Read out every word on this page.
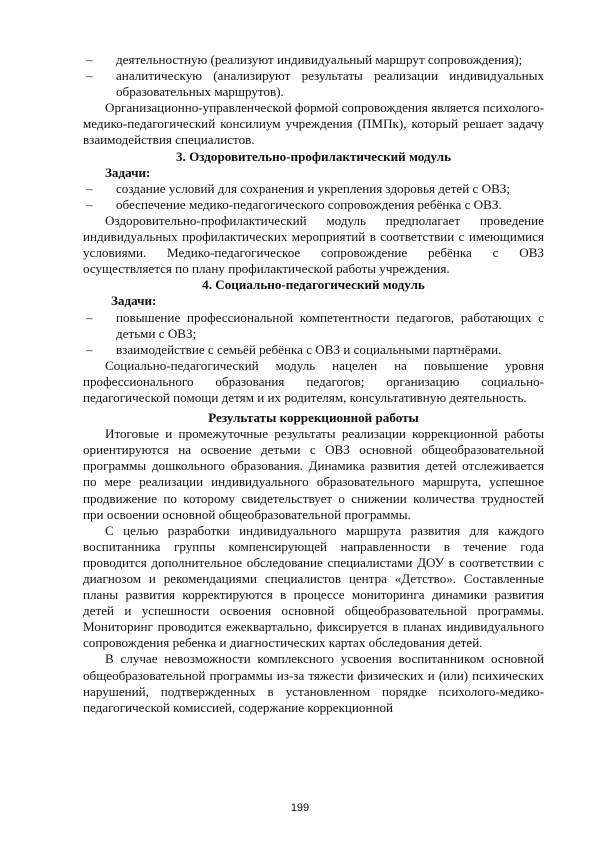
– деятельностную (реализуют индивидуальный маршрут сопровождения);
– аналитическую (анализируют результаты реализации индивидуальных образовательных маршрутов).
Организационно-управленческой формой сопровождения является психолого-медико-педагогический консилиум учреждения (ПМПк), который решает задачу взаимодействия специалистов.
3. Оздоровительно-профилактический модуль
Задачи:
– создание условий для сохранения и укрепления здоровья детей с ОВЗ;
– обеспечение медико-педагогического сопровождения ребёнка с ОВЗ.
Оздоровительно-профилактический модуль предполагает проведение индивидуальных профилактических мероприятий в соответствии с имеющимися условиями. Медико-педагогическое сопровождение ребёнка с ОВЗ осуществляется по плану профилактической работы учреждения.
4. Социально-педагогический модуль
Задачи:
– повышение профессиональной компетентности педагогов, работающих с детьми с ОВЗ;
– взаимодействие с семьёй ребёнка с ОВЗ и социальными партнёрами.
Социально-педагогический модуль нацелен на повышение уровня профессионального образования педагогов; организацию социально-педагогической помощи детям и их родителям, консультативную деятельность.
Результаты коррекционной работы
Итоговые и промежуточные результаты реализации коррекционной работы ориентируются на освоение детьми с ОВЗ основной общеобразовательной программы дошкольного образования. Динамика развития детей отслеживается по мере реализации индивидуального образовательного маршрута, успешное продвижение по которому свидетельствует о снижении количества трудностей при освоении основной общеобразовательной программы.
С целью разработки индивидуального маршрута развития для каждого воспитанника группы компенсирующей направленности в течение года проводится дополнительное обследование специалистами ДОУ в соответствии с диагнозом и рекомендациями специалистов центра «Детство». Составленные планы развития корректируются в процессе мониторинга динамики развития детей и успешности освоения основной общеобразовательной программы. Мониторинг проводится ежеквартально, фиксируется в планах индивидуального сопровождения ребенка и диагностических картах обследования детей.
В случае невозможности комплексного усвоения воспитанником основной общеобразовательной программы из-за тяжести физических и (или) психических нарушений, подтвержденных в установленном порядке психолого-медико-педагогической комиссией, содержание коррекционной
199
